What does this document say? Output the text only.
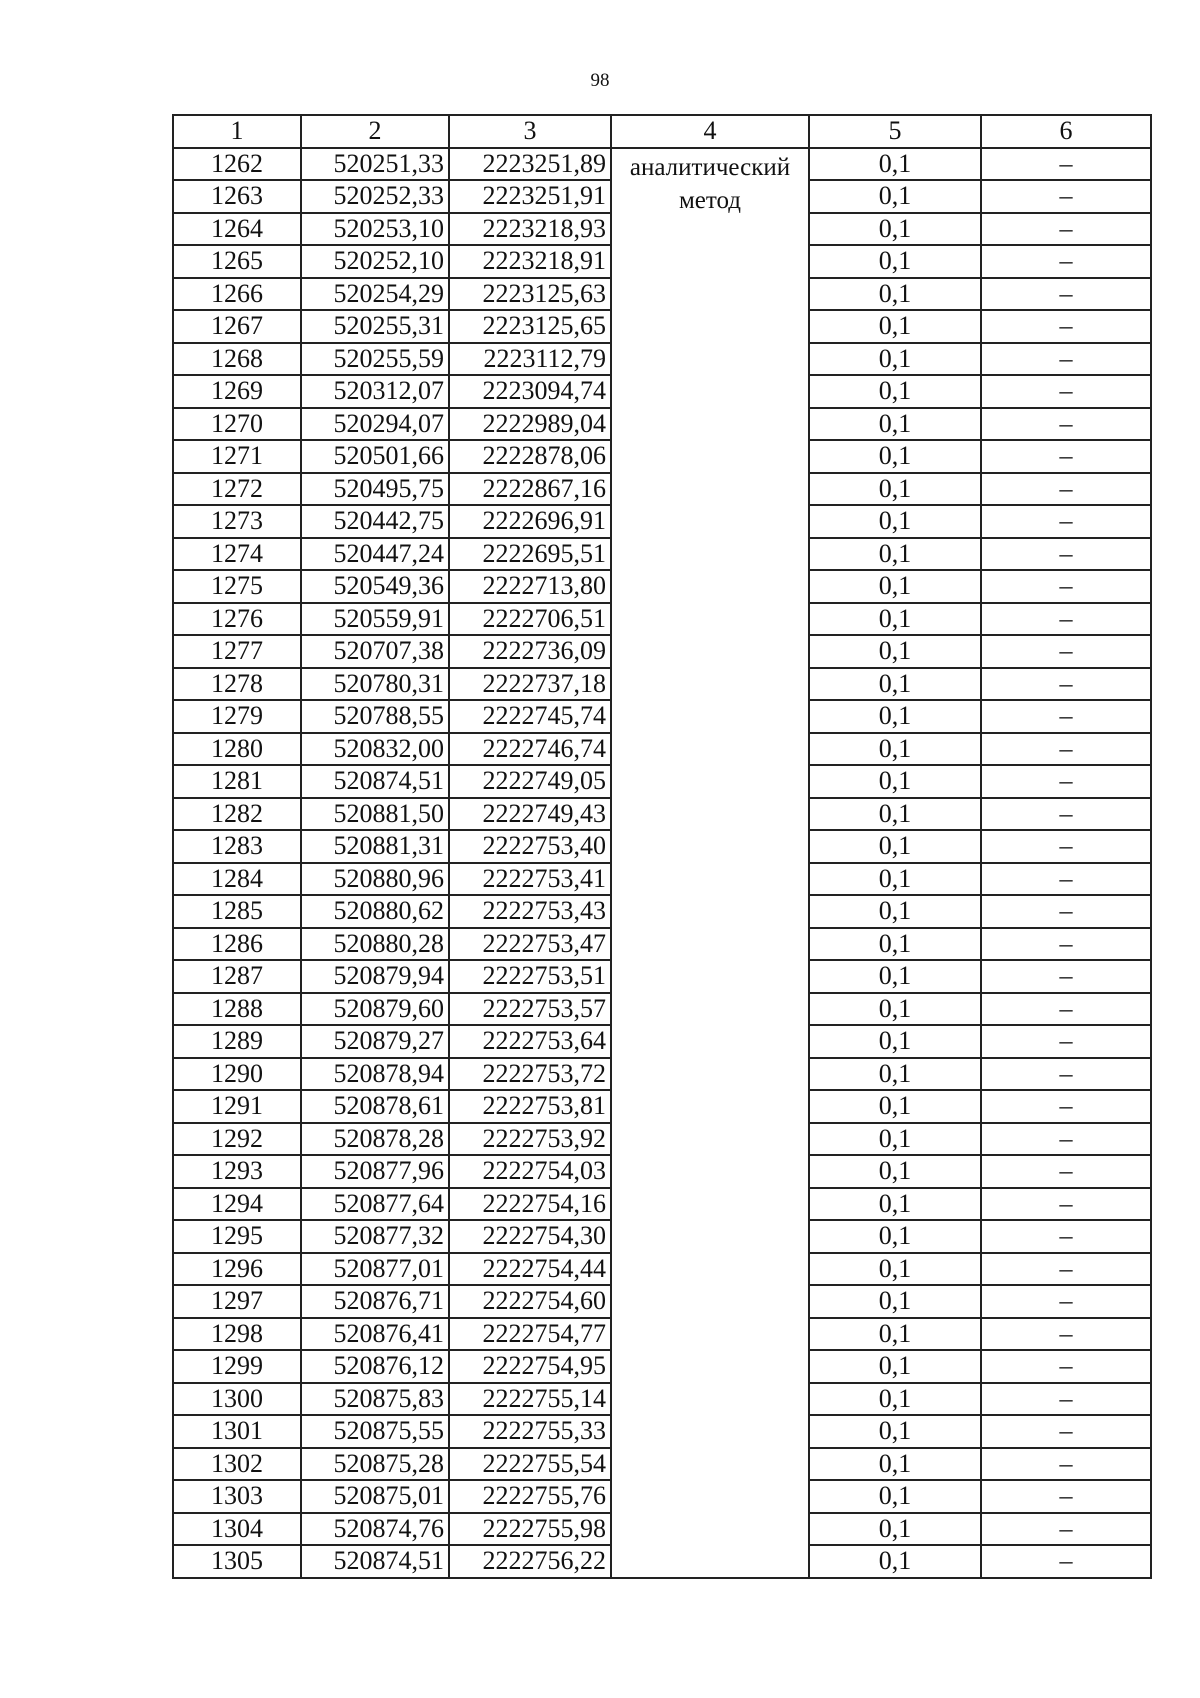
98
1	2	3	4	5	6
1262	520251,33	2223251,89	аналитический метод	0,1	–
1263	520252,33	2223251,91		0,1	–
1264	520253,10	2223218,93		0,1	–
1265	520252,10	2223218,91		0,1	–
1266	520254,29	2223125,63		0,1	–
1267	520255,31	2223125,65		0,1	–
1268	520255,59	2223112,79		0,1	–
1269	520312,07	2223094,74		0,1	–
1270	520294,07	2222989,04		0,1	–
1271	520501,66	2222878,06		0,1	–
1272	520495,75	2222867,16		0,1	–
1273	520442,75	2222696,91		0,1	–
1274	520447,24	2222695,51		0,1	–
1275	520549,36	2222713,80		0,1	–
1276	520559,91	2222706,51		0,1	–
1277	520707,38	2222736,09		0,1	–
1278	520780,31	2222737,18		0,1	–
1279	520788,55	2222745,74		0,1	–
1280	520832,00	2222746,74		0,1	–
1281	520874,51	2222749,05		0,1	–
1282	520881,50	2222749,43		0,1	–
1283	520881,31	2222753,40		0,1	–
1284	520880,96	2222753,41		0,1	–
1285	520880,62	2222753,43		0,1	–
1286	520880,28	2222753,47		0,1	–
1287	520879,94	2222753,51		0,1	–
1288	520879,60	2222753,57		0,1	–
1289	520879,27	2222753,64		0,1	–
1290	520878,94	2222753,72		0,1	–
1291	520878,61	2222753,81		0,1	–
1292	520878,28	2222753,92		0,1	–
1293	520877,96	2222754,03		0,1	–
1294	520877,64	2222754,16		0,1	–
1295	520877,32	2222754,30		0,1	–
1296	520877,01	2222754,44		0,1	–
1297	520876,71	2222754,60		0,1	–
1298	520876,41	2222754,77		0,1	–
1299	520876,12	2222754,95		0,1	–
1300	520875,83	2222755,14		0,1	–
1301	520875,55	2222755,33		0,1	–
1302	520875,28	2222755,54		0,1	–
1303	520875,01	2222755,76		0,1	–
1304	520874,76	2222755,98		0,1	–
1305	520874,51	2222756,22		0,1	–
